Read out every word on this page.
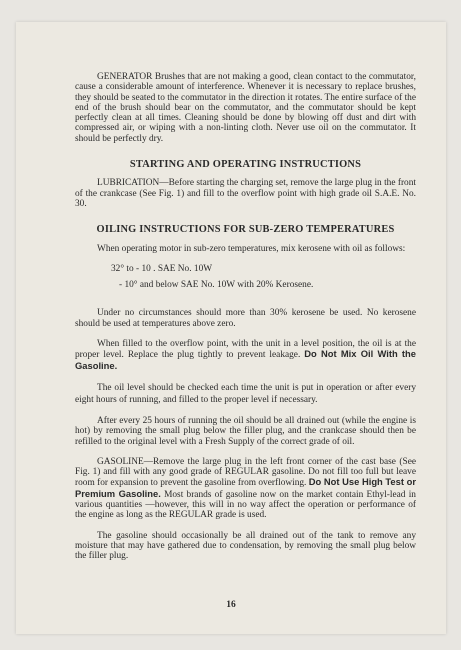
GENERATOR Brushes that are not making a good, clean contact to the commutator, cause a considerable amount of interference. Whenever it is necessary to replace brushes, they should be seated to the commutator in the direction it rotates. The entire surface of the end of the brush should bear on the commutator, and the commutator should be kept perfectly clean at all times. Cleaning should be done by blowing off dust and dirt with compressed air, or wiping with a non-linting cloth. Never use oil on the commutator. It should be perfectly dry.

STARTING AND OPERATING INSTRUCTIONS

LUBRICATION—Before starting the charging set, remove the large plug in the front of the crankcase (See Fig. 1) and fill to the overflow point with high grade oil S.A.E. No. 30.

OILING INSTRUCTIONS FOR SUB-ZERO TEMPERATURES

When operating motor in sub-zero temperatures, mix kerosene with oil as follows:

32° to - 10 . SAE No. 10W

- 10° and below SAE No. 10W with 20% Kerosene.

Under no circumstances should more than 30% kerosene be used. No kerosene should be used at temperatures above zero.

When filled to the overflow point, with the unit in a level position, the oil is at the proper level. Replace the plug tightly to prevent leakage. Do Not Mix Oil With the Gasoline.

The oil level should be checked each time the unit is put in operation or after every eight hours of running, and filled to the proper level if necessary.

After every 25 hours of running the oil should be all drained out (while the engine is hot) by removing the small plug below the filler plug, and the crankcase should then be refilled to the original level with a Fresh Supply of the correct grade of oil.

GASOLINE—Remove the large plug in the left front corner of the cast base (See Fig. 1) and fill with any good grade of REGULAR gasoline. Do not fill too full but leave room for expansion to prevent the gasoline from overflowing. Do Not Use High Test or Premium Gasoline. Most brands of gasoline now on the market contain Ethyl-lead in various quantities —however, this will in no way affect the operation or performance of the engine as long as the REGULAR grade is used.

The gasoline should occasionally be all drained out of the tank to remove any moisture that may have gathered due to condensation, by removing the small plug below the filler plug.

16
